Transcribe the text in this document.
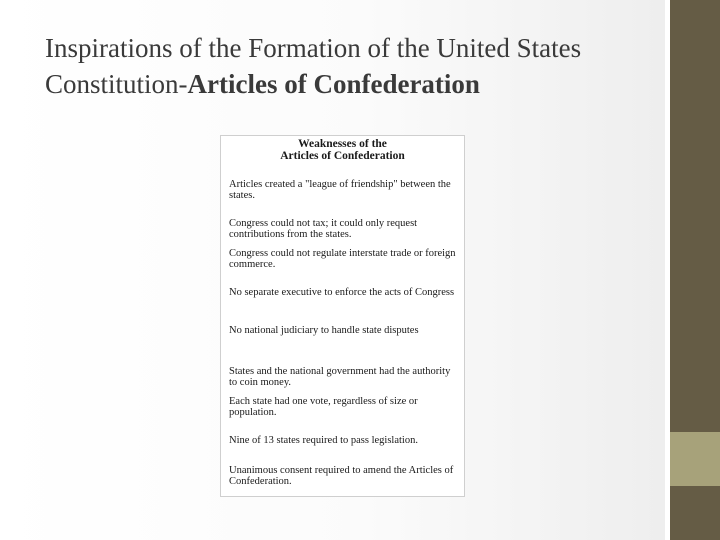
Inspirations of the Formation of the United States Constitution-Articles of Confederation
Weaknesses of the
Articles of Confederation
Articles created a "league of friendship" between the states.
Congress could not tax; it could only request contributions from the states.
Congress could not regulate interstate trade or foreign commerce.
No separate executive to enforce the acts of Congress
No national judiciary to handle state disputes
States and the national government had the authority to coin money.
Each state had one vote, regardless of size or population.
Nine of 13 states required to pass legislation.
Unanimous consent required to amend the Articles of Confederation.
